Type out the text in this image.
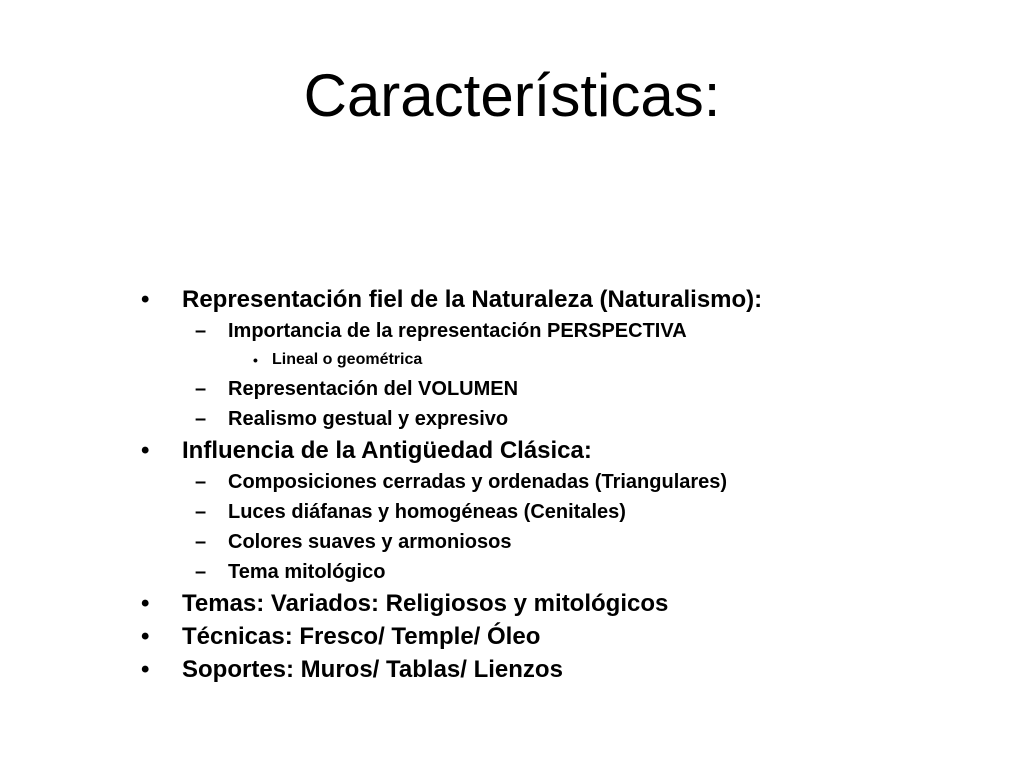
Características:
• Representación fiel de la Naturaleza (Naturalismo):
– Importancia de la representación PERSPECTIVA
• Lineal o geométrica
– Representación del VOLUMEN
– Realismo gestual y expresivo
• Influencia de la Antigüedad Clásica:
– Composiciones cerradas y ordenadas (Triangulares)
– Luces diáfanas y homogéneas (Cenitales)
– Colores suaves y armoniosos
– Tema mitológico
• Temas: Variados: Religiosos y mitológicos
• Técnicas: Fresco/ Temple/ Óleo
• Soportes: Muros/ Tablas/ Lienzos
